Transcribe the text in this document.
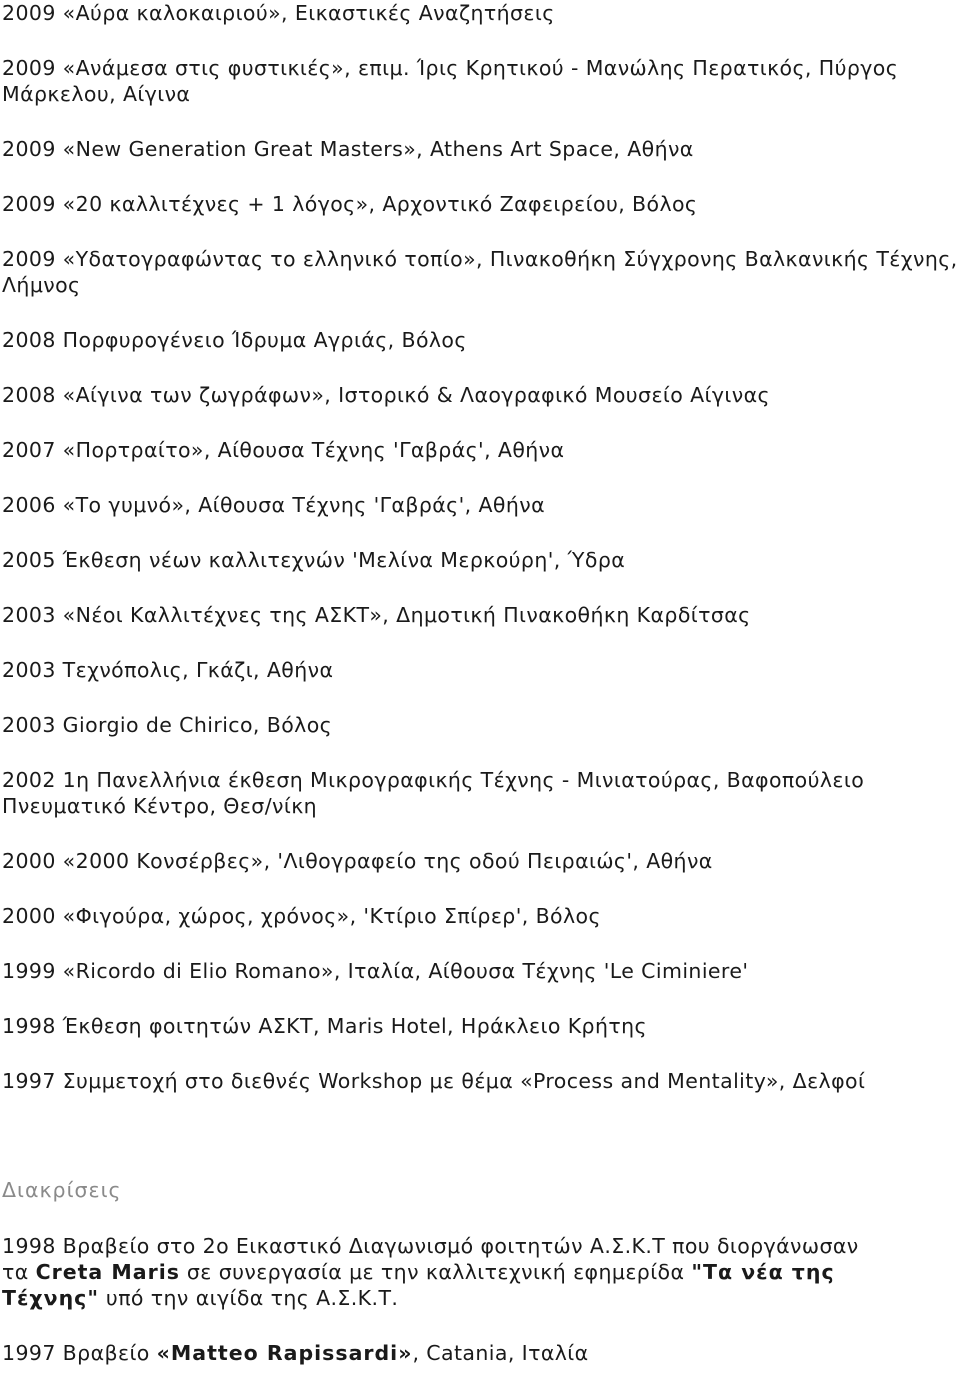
2009 «Αύρα καλοκαιριού», Εικαστικές Αναζητήσεις

2009 «Ανάμεσα στις φυστικιές», επιμ. Ίρις Κρητικού - Μανώλης Περατικός, Πύργος Μάρκελου, Αίγινα

2009 «New Generation Great Masters», Athens Art Space, Αθήνα

2009 «20 καλλιτέχνες + 1 λόγος», Αρχοντικό Ζαφειρείου, Βόλος

2009 «Υδατογραφώντας το ελληνικό τοπίο», Πινακοθήκη Σύγχρονης Βαλκανικής Τέχνης, Λήμνος

2008 Πορφυρογένειο Ίδρυμα Αγριάς, Βόλος

2008 «Αίγινα των ζωγράφων», Ιστορικό & Λαογραφικό Μουσείο Αίγινας

2007 «Πορτραίτο», Αίθουσα Τέχνης 'Γαβράς', Αθήνα

2006 «Το γυμνό», Αίθουσα Τέχνης 'Γαβράς', Αθήνα

2005 Έκθεση νέων καλλιτεχνών 'Μελίνα Μερκούρη', Ύδρα

2003 «Νέοι Καλλιτέχνες της ΑΣΚΤ», Δημοτική Πινακοθήκη Καρδίτσας

2003 Τεχνόπολις, Γκάζι, Αθήνα

2003 Giorgio de Chirico, Βόλος

2002 1η Πανελλήνια έκθεση Μικρογραφικής Τέχνης - Μινιατούρας, Βαφοπούλειο Πνευματικό Κέντρο, Θεσ/νίκη

2000 «2000 Κονσέρβες», 'Λιθογραφείο της οδού Πειραιώς', Αθήνα

2000 «Φιγούρα, χώρος, χρόνος», 'Κτίριο Σπίρερ', Βόλος

1999 «Ricordo di Elio Romano», Ιταλία, Αίθουσα Τέχνης 'Le Ciminiere'

1998 Έκθεση φοιτητών ΑΣΚΤ, Maris Hotel, Ηράκλειο Κρήτης

1997 Συμμετοχή στο διεθνές Workshop με θέμα «Process and Mentality», Δελφοί

Διακρίσεις

1998 Βραβείο στο 2ο Εικαστικό Διαγωνισμό φοιτητών Α.Σ.Κ.Τ που διοργάνωσαν
τα Creta Maris σε συνεργασία με την καλλιτεχνική εφημερίδα "Τα νέα της
Τέχνης" υπό την αιγίδα της Α.Σ.Κ.Τ.

1997 Βραβείο «Matteo Rapissardi», Catania, Ιταλία
